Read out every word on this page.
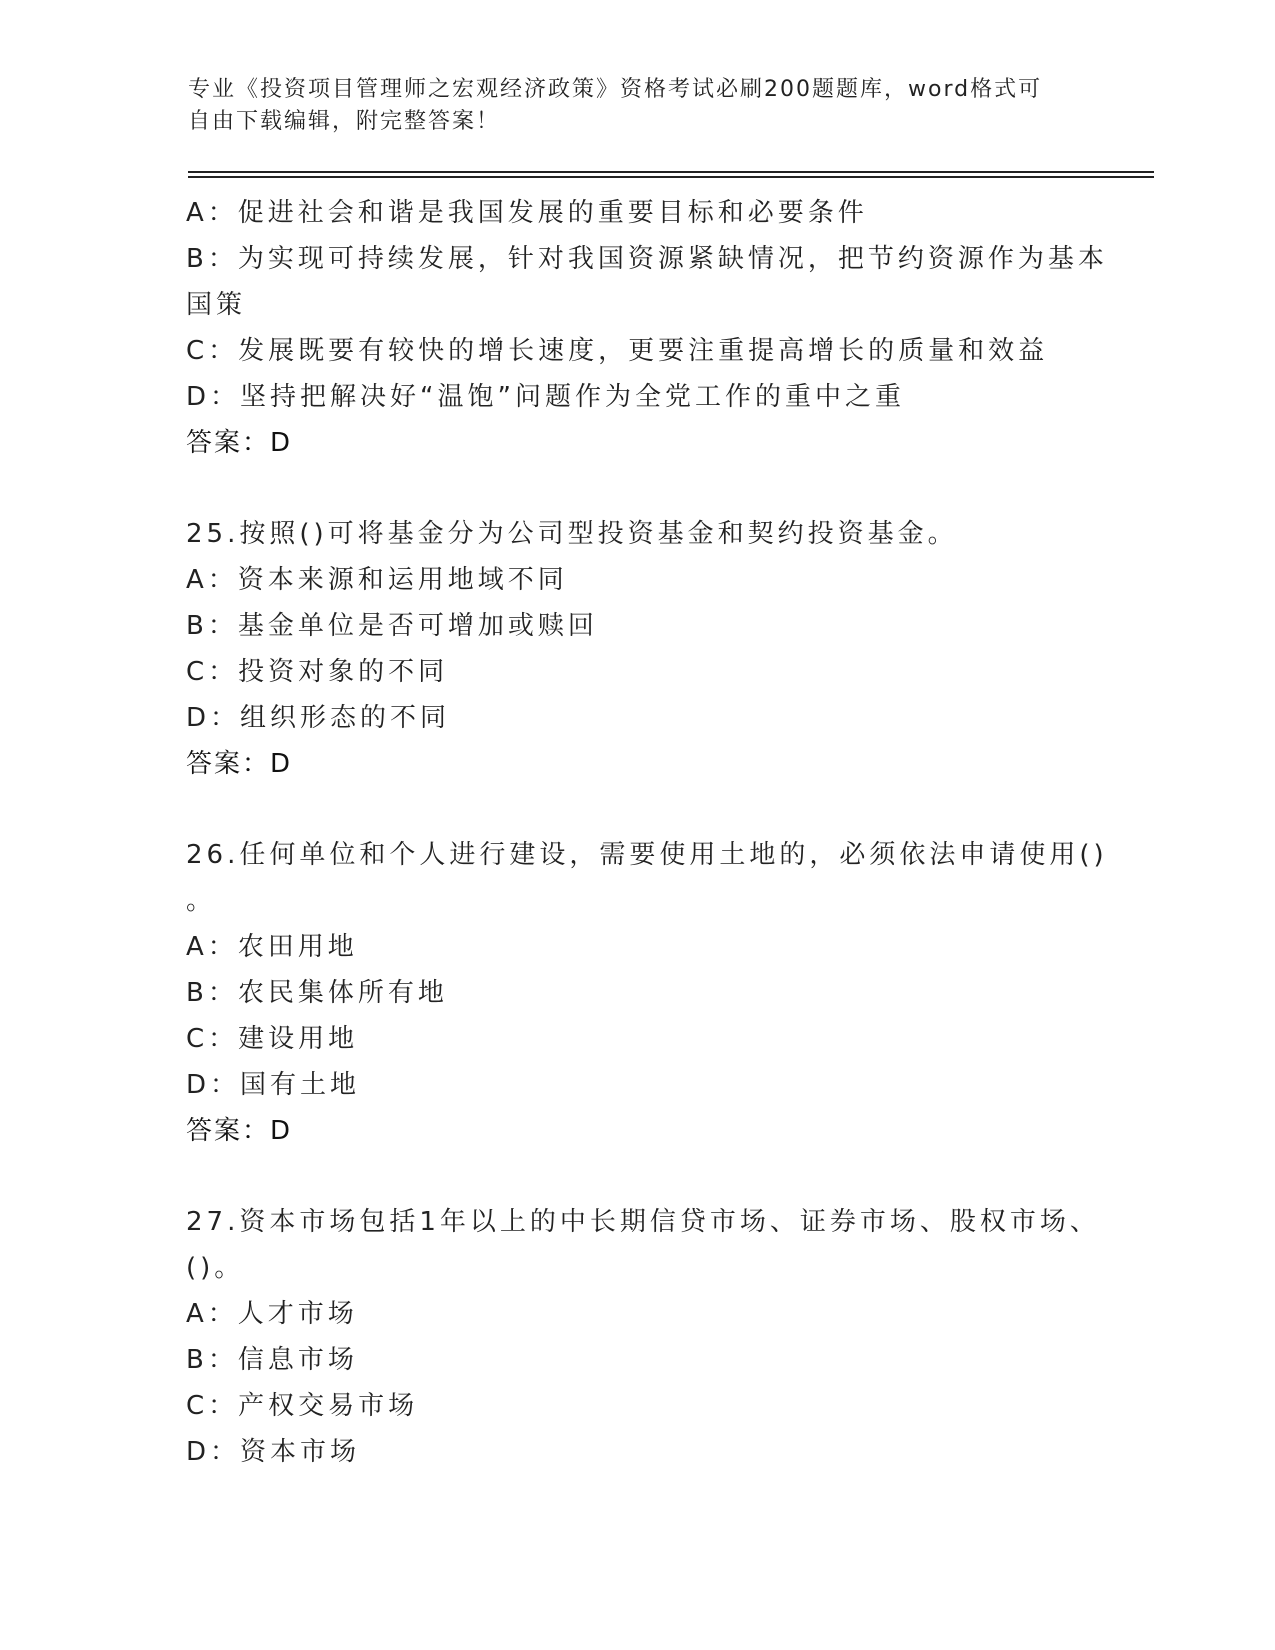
专业《投资项目管理师之宏观经济政策》资格考试必刷200题题库，word格式可
自由下载编辑，附完整答案！
A：促进社会和谐是我国发展的重要目标和必要条件
B：为实现可持续发展，针对我国资源紧缺情况，把节约资源作为基本
国策
C：发展既要有较快的增长速度，更要注重提高增长的质量和效益
D：坚持把解决好“温饱”问题作为全党工作的重中之重
答案：D
25.按照()可将基金分为公司型投资基金和契约投资基金。
A：资本来源和运用地域不同
B：基金单位是否可增加或赎回
C：投资对象的不同
D：组织形态的不同
答案：D
26.任何单位和个人进行建设，需要使用土地的，必须依法申请使用()
。
A：农田用地
B：农民集体所有地
C：建设用地
D：国有土地
答案：D
27.资本市场包括1年以上的中长期信贷市场、证券市场、股权市场、
()。
A：人才市场
B：信息市场
C：产权交易市场
D：资本市场
